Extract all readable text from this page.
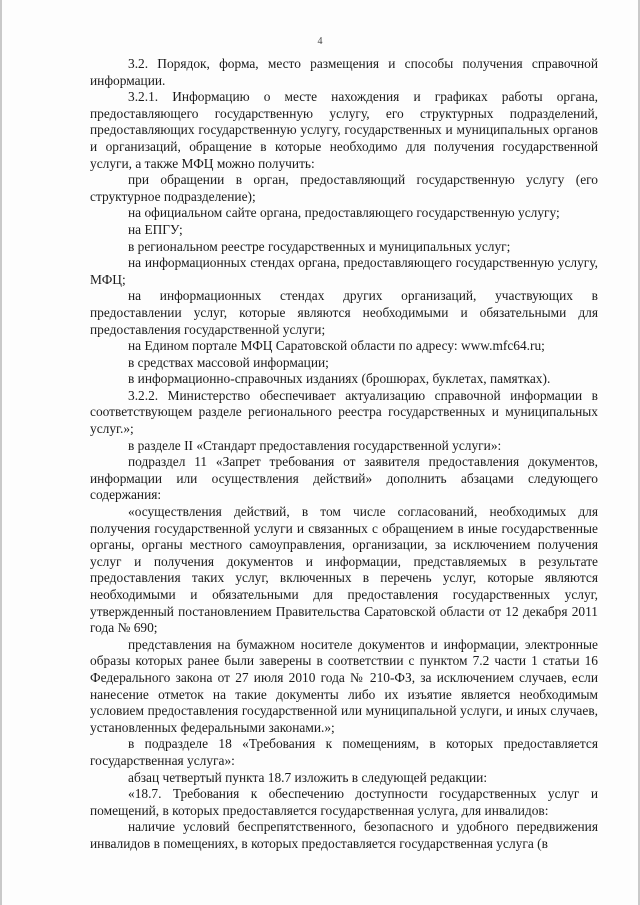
4

3.2. Порядок, форма, место размещения и способы получения справочной информации.

3.2.1. Информацию о месте нахождения и графиках работы органа, предоставляющего государственную услугу, его структурных подразделений, предоставляющих государственную услугу, государственных и муниципальных органов и организаций, обращение в которые необходимо для получения государственной услуги, а также МФЦ можно получить:

при обращении в орган, предоставляющий государственную услугу (его структурное подразделение);

на официальном сайте органа, предоставляющего государственную услугу;

на ЕПГУ;

в региональном реестре государственных и муниципальных услуг;

на информационных стендах органа, предоставляющего государственную услугу, МФЦ;

на информационных стендах других организаций, участвующих в предоставлении услуг, которые являются необходимыми и обязательными для предоставления государственной услуги;

на Едином портале МФЦ Саратовской области по адресу: www.mfc64.ru;

в средствах массовой информации;

в информационно-справочных изданиях (брошюрах, буклетах, памятках).

3.2.2. Министерство обеспечивает актуализацию справочной информации в соответствующем разделе регионального реестра государственных и муниципальных услуг.»;

в разделе II «Стандарт предоставления государственной услуги»:

подраздел 11 «Запрет требования от заявителя предоставления документов, информации или осуществления действий» дополнить абзацами следующего содержания:

«осуществления действий, в том числе согласований, необходимых для получения государственной услуги и связанных с обращением в иные государственные органы, органы местного самоуправления, организации, за исключением получения услуг и получения документов и информации, представляемых в результате предоставления таких услуг, включенных в перечень услуг, которые являются необходимыми и обязательными для предоставления государственных услуг, утвержденный постановлением Правительства Саратовской области от 12 декабря 2011 года № 690;

представления на бумажном носителе документов и информации, электронные образы которых ранее были заверены в соответствии с пунктом 7.2 части 1 статьи 16 Федерального закона от 27 июля 2010 года № 210-ФЗ, за исключением случаев, если нанесение отметок на такие документы либо их изъятие является необходимым условием предоставления государственной или муниципальной услуги, и иных случаев, установленных федеральными законами.»;

в подразделе 18 «Требования к помещениям, в которых предоставляется государственная услуга»:

абзац четвертый пункта 18.7 изложить в следующей редакции:

«18.7. Требования к обеспечению доступности государственных услуг и помещений, в которых предоставляется государственная услуга, для инвалидов:

наличие условий беспрепятственного, безопасного и удобного передвижения инвалидов в помещениях, в которых предоставляется государственная услуга (в
